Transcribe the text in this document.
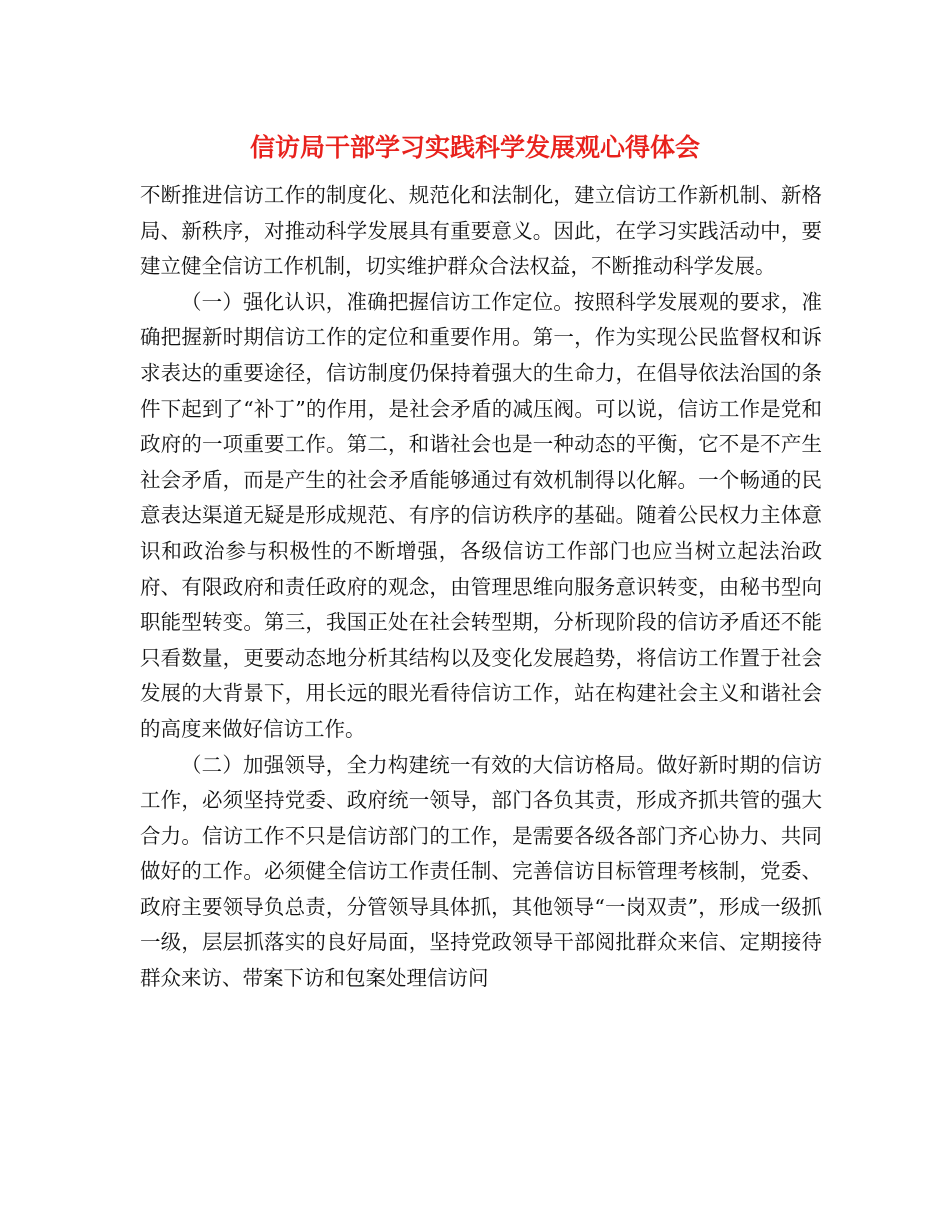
信访局干部学习实践科学发展观心得体会

不断推进信访工作的制度化、规范化和法制化，建立信访工作新机制、新格局、新秩序，对推动科学发展具有重要意义。因此，在学习实践活动中，要建立健全信访工作机制，切实维护群众合法权益，不断推动科学发展。

（一）强化认识，准确把握信访工作定位。按照科学发展观的要求，准确把握新时期信访工作的定位和重要作用。第一，作为实现公民监督权和诉求表达的重要途径，信访制度仍保持着强大的生命力，在倡导依法治国的条件下起到了“补丁”的作用，是社会矛盾的减压阀。可以说，信访工作是党和政府的一项重要工作。第二，和谐社会也是一种动态的平衡，它不是不产生社会矛盾，而是产生的社会矛盾能够通过有效机制得以化解。一个畅通的民意表达渠道无疑是形成规范、有序的信访秩序的基础。随着公民权力主体意识和政治参与积极性的不断增强，各级信访工作部门也应当树立起法治政府、有限政府和责任政府的观念，由管理思维向服务意识转变，由秘书型向职能型转变。第三，我国正处在社会转型期，分析现阶段的信访矛盾还不能只看数量，更要动态地分析其结构以及变化发展趋势，将信访工作置于社会发展的大背景下，用长远的眼光看待信访工作，站在构建社会主义和谐社会的高度来做好信访工作。

（二）加强领导，全力构建统一有效的大信访格局。做好新时期的信访工作，必须坚持党委、政府统一领导，部门各负其责，形成齐抓共管的强大合力。信访工作不只是信访部门的工作，是需要各级各部门齐心协力、共同做好的工作。必须健全信访工作责任制、完善信访目标管理考核制，党委、政府主要领导负总责，分管领导具体抓，其他领导“一岗双责”，形成一级抓一级，层层抓落实的良好局面，坚持党政领导干部阅批群众来信、定期接待群众来访、带案下访和包案处理信访问
